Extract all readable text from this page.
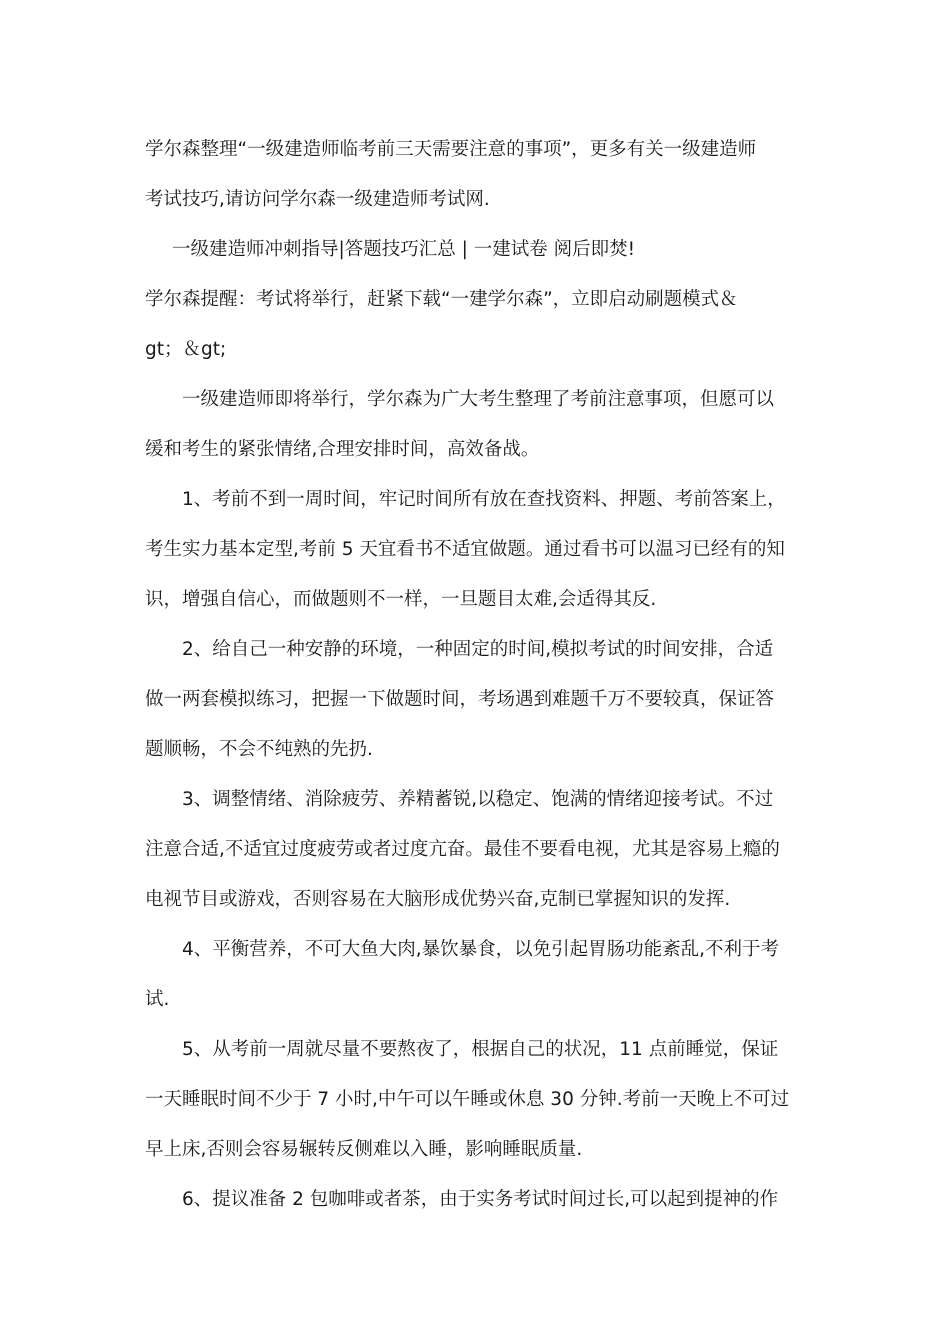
学尔森整理“一级建造师临考前三天需要注意的事项”，更多有关一级建造师
考试技巧,请访问学尔森一级建造师考试网.
一级建造师冲刺指导|答题技巧汇总 | 一建试卷 阅后即焚!
学尔森提醒：考试将举行，赶紧下载“一建学尔森”，立即启动刷题模式＆
gt；＆gt;
一级建造师即将举行，学尔森为广大考生整理了考前注意事项，但愿可以
缓和考生的紧张情绪,合理安排时间，高效备战。
1、考前不到一周时间，牢记时间所有放在查找资料、押题、考前答案上，
考生实力基本定型,考前 5 天宜看书不适宜做题。通过看书可以温习已经有的知
识，增强自信心，而做题则不一样，一旦题目太难,会适得其反.
2、给自己一种安静的环境，一种固定的时间,模拟考试的时间安排，合适
做一两套模拟练习，把握一下做题时间，考场遇到难题千万不要较真，保证答
题顺畅，不会不纯熟的先扔.
3、调整情绪、消除疲劳、养精蓄锐,以稳定、饱满的情绪迎接考试。不过
注意合适,不适宜过度疲劳或者过度亢奋。最佳不要看电视，尤其是容易上瘾的
电视节目或游戏，否则容易在大脑形成优势兴奋,克制已掌握知识的发挥.
4、平衡营养，不可大鱼大肉,暴饮暴食，以免引起胃肠功能紊乱,不利于考
试.
5、从考前一周就尽量不要熬夜了，根据自己的状况，11 点前睡觉，保证
一天睡眠时间不少于 7 小时,中午可以午睡或休息 30 分钟.考前一天晚上不可过
早上床,否则会容易辗转反侧难以入睡，影响睡眠质量.
6、提议准备 2 包咖啡或者茶，由于实务考试时间过长,可以起到提神的作
